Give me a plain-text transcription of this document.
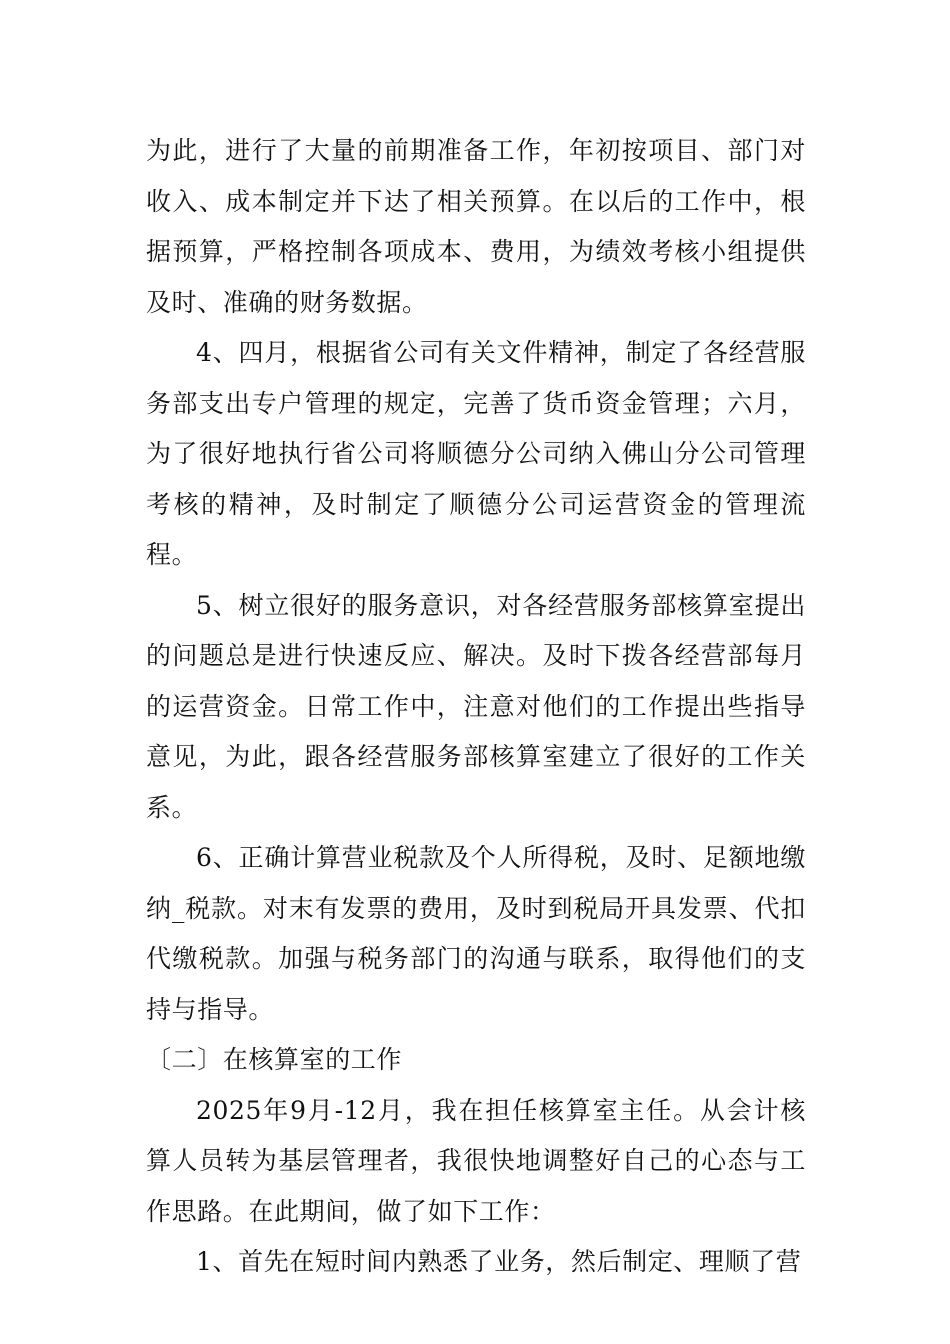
为此，进行了大量的前期准备工作，年初按项目、部门对收入、成本制定并下达了相关预算。在以后的工作中，根据预算，严格控制各项成本、费用，为绩效考核小组提供及时、准确的财务数据。

4、四月，根据省公司有关文件精神，制定了各经营服务部支出专户管理的规定，完善了货币资金管理；六月，为了很好地执行省公司将顺德分公司纳入佛山分公司管理考核的精神，及时制定了顺德分公司运营资金的管理流程。

5、树立很好的服务意识，对各经营服务部核算室提出的问题总是进行快速反应、解决。及时下拨各经营部每月的运营资金。日常工作中，注意对他们的工作提出些指导意见，为此，跟各经营服务部核算室建立了很好的工作关系。

6、正确计算营业税款及个人所得税，及时、足额地缴纳_税款。对末有发票的费用，及时到税局开具发票、代扣代缴税款。加强与税务部门的沟通与联系，取得他们的支持与指导。

〔二〕在核算室的工作

2025年9月-12月，我在担任核算室主任。从会计核算人员转为基层管理者，我很快地调整好自己的心态与工作思路。在此期间，做了如下工作：

1、首先在短时间内熟悉了业务，然后制定、理顺了营
